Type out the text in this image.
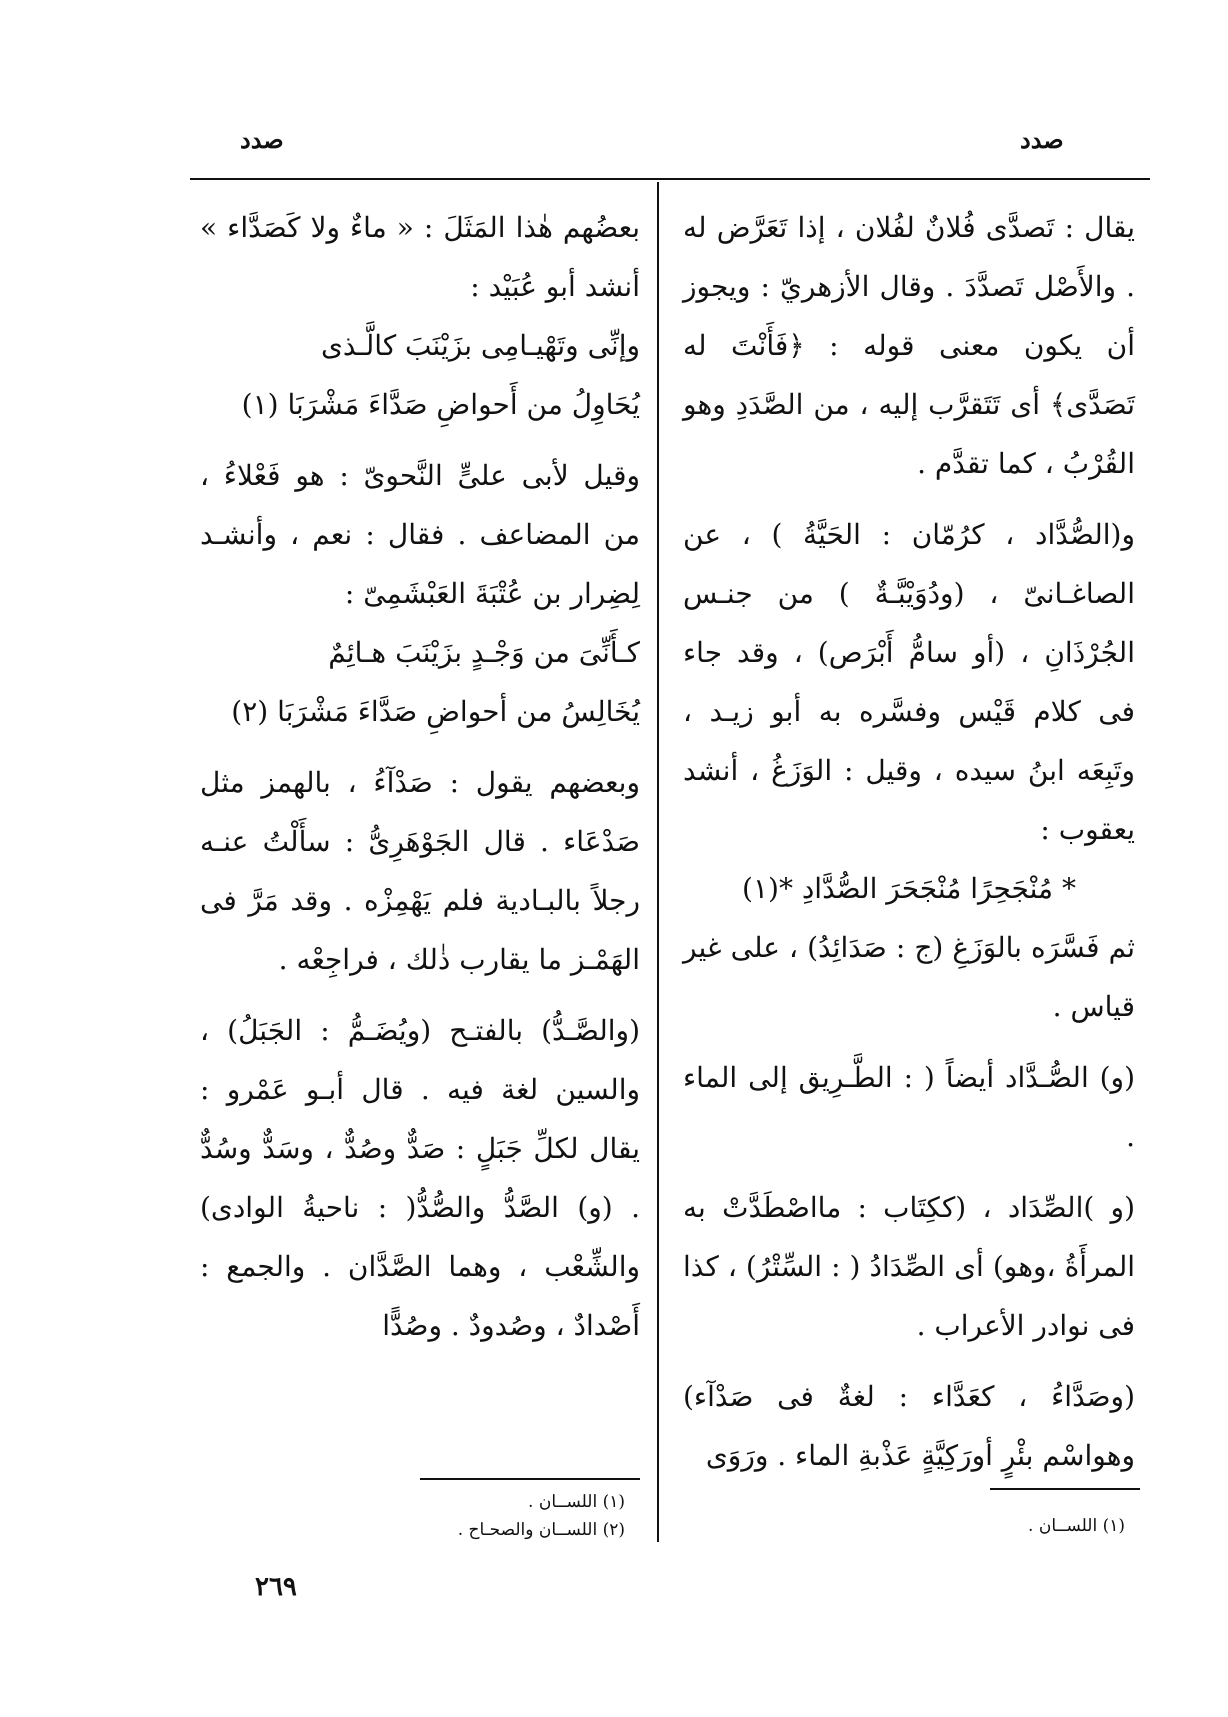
صدد	صدد

يقال : تَصدَّى فُلانٌ لفُلان ، إذا تَعَرَّض له . والأَصْل تَصدَّدَ . وقال الأزهريّ : ويجوز أن يكون معنى قوله : ﴿فَأَنْتَ له تَصَدَّى﴾ أى تَتَقرَّب إليه ، من الصَّدَدِ وهو القُرْبُ ، كما تقدَّم .

و(الصُّدَّاد ، كرُمّان : الحَيَّةُ ) ، عن الصاغـانىّ ، (ودُوَيْبَّـةٌ ) من جنـس الجُرْذَانِ ، (أو سامُّ أَبْرَص) ، وقد جاء فى كلام قَيْس وفسَّره به أبو زيـد ، وتَبِعَه ابنُ سيده ، وقيل : الوَزَغُ ، أنشد يعقوب :

* مُنْجَحِرًا مُنْجَحَرَ الصُّدَّادِ *(١)

ثم فَسَّرَه بالوَزَغِ (ج : صَدَائِدُ) ، على غير قياس .

(و) الصُّـدَّاد أيضاً ( : الطَّـرِيق إلى الماء .

(و )الصِّدَاد ، (ككِتَاب : مااصْطَدَّتْ به المرأَةُ ،وهو) أى الصِّدَادُ ( : السِّتْرُ) ، كذا فى نوادر الأعراب .

(وصَدَّاءُ ، كعَدَّاء : لغةٌ فى صَدْآء) وهواسْم بئْرٍ أورَكِيَّةٍ عَذْبةِ الماء . ورَوَى

بعضُهم هٰذا المَثَلَ : « ماءٌ ولا كَصَدَّاء » أنشد أبو عُبَيْد :

وإنِّى وتَهْيـامِى بزَيْنَبَ كالَّـذى

يُحَاوِلُ من أَحواضِ صَدَّاءَ مَشْرَبَا (١)

وقيل لأبى علىٍّ النَّحوىّ : هو فَعْلاءُ ، من المضاعف . فقال : نعم ، وأنشـد لِضِرار بن عُتْبَةَ العَبْشَمِىّ :

كـأَنِّىَ من وَجْـدٍ بزَيْنَبَ هـائِمٌ

يُخَالِسُ من أحواضِ صَدَّاءَ مَشْرَبَا (٢)

وبعضهم يقول : صَدْآءُ ، بالهمز مثل صَدْعَاء . قال الجَوْهَرِىُّ : سأَلْتُ عنـه رجلاً بالبـادية فلم يَهْمِزْه . وقد مَرَّ فى الهَمْـز ما يقارب ذٰلك ، فراجِعْه .

(والصَّـدُّ) بالفتـح (ويُضَـمُّ : الجَبَلُ) ، والسين لغة فيه . قال أبـو عَمْرو : يقال لكلِّ جَبَلٍ : صَدٌّ وصُدٌّ ، وسَدٌّ وسُدٌّ . (و) الصَّدُّ والصُّدُّ( : ناحيةُ الوادى) والشِّعْب ، وهما الصَّدَّان . والجمع : أَصْدادٌ ، وصُدودٌ . وصُدًّا

(١) اللســان .

(٢) اللســان والصحـاح .	(١) اللســان .

٢٦٩
